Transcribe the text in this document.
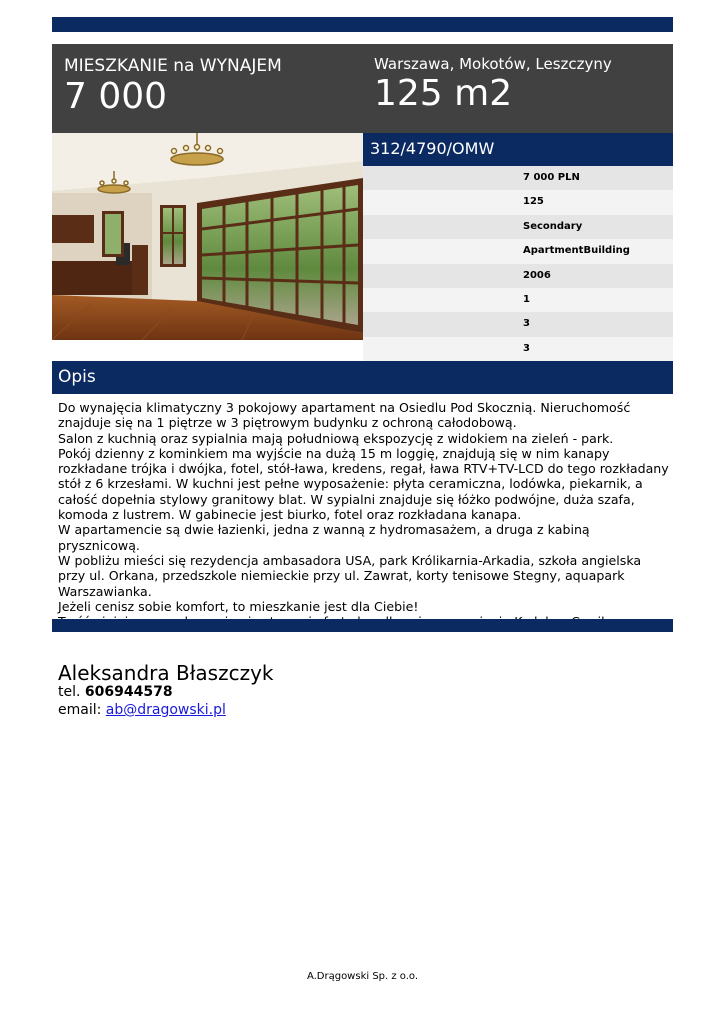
MIESZKANIE na WYNAJEM
7 000
Warszawa, Mokotów, Leszczyny
125 m2
312/4790/OMW
7 000 PLN
125
Secondary
ApartmentBuilding
2006
1
3
3
Opis

Do wynajęcia klimatyczny 3 pokojowy apartament na Osiedlu Pod Skocznią. Nieruchomość znajduje się na 1 piętrze w 3 piętrowym budynku z ochroną całodobową.

Salon z kuchnią oraz sypialnia mają południową ekspozycję z widokiem na zieleń - park.

Pokój dzienny z kominkiem ma wyjście na dużą 15 m loggię, znajdują się w nim kanapy rozkładane trójka i dwójka, fotel, stół-ława, kredens, regał, ława RTV+TV-LCD do tego rozkładany stół z 6 krzesłami. W kuchni jest pełne wyposażenie: płyta ceramiczna, lodówka, piekarnik, a całość dopełnia stylowy granitowy blat. W sypialni znajduje się łóżko podwójne, duża szafa, komoda z lustrem. W gabinecie jest biurko, fotel oraz rozkładana kanapa.

W apartamencie są dwie łazienki, jedna z wanną z hydromasażem, a druga z kabiną prysznicową.

W pobliżu mieści się rezydencja ambasadora USA, park Królikarnia-Arkadia, szkoła angielska przy ul. Orkana, przedszkole niemieckie przy ul. Zawrat, korty tenisowe Stegny, aquapark Warszawianka.

Jeżeli cenisz sobie komfort, to mieszkanie jest dla Ciebie!

Aleksandra Błaszczyk
tel. 606944578
email: ab@dragowski.pl
A.Drągowski Sp. z o.o.
